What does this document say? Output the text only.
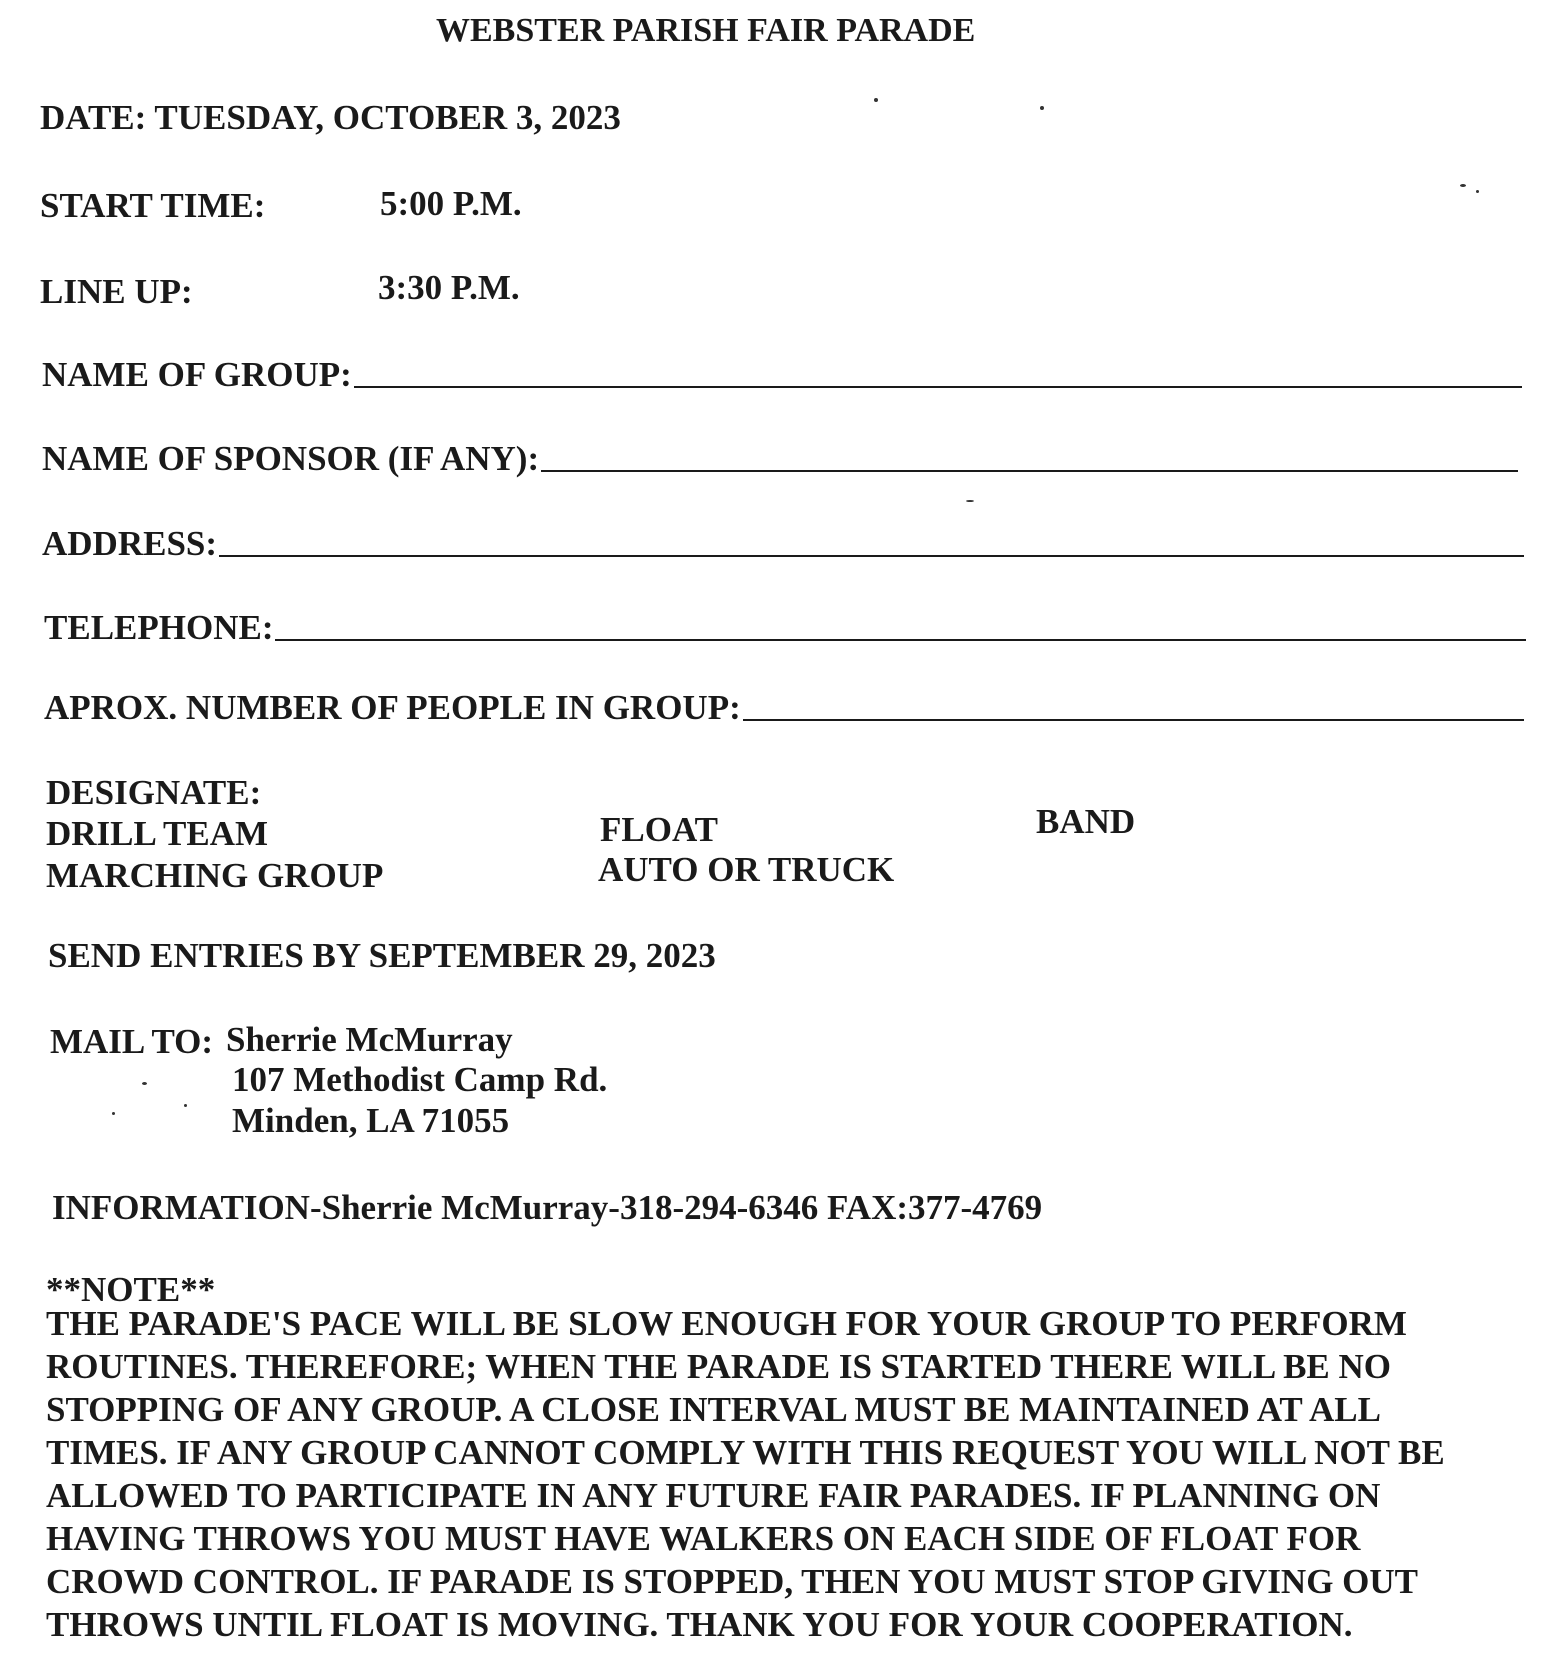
WEBSTER PARISH FAIR PARADE
DATE: TUESDAY, OCTOBER 3, 2023
START TIME:	5:00 P.M.
LINE UP:	3:30 P.M.
NAME OF GROUP:
NAME OF SPONSOR (IF ANY):
ADDRESS:
TELEPHONE:
APROX. NUMBER OF PEOPLE IN GROUP:
DESIGNATE:
DRILL TEAM
MARCHING GROUP
FLOAT
AUTO OR TRUCK
BAND
SEND ENTRIES BY SEPTEMBER 29, 2023
MAIL TO: Sherrie McMurray
107 Methodist Camp Rd.
Minden, LA 71055
INFORMATION-Sherrie McMurray-318-294-6346 FAX:377-4769
**NOTE**
THE PARADE'S PACE WILL BE SLOW ENOUGH FOR YOUR GROUP TO PERFORM
ROUTINES. THEREFORE; WHEN THE PARADE IS STARTED THERE WILL BE NO
STOPPING OF ANY GROUP. A CLOSE INTERVAL MUST BE MAINTAINED AT ALL
TIMES. IF ANY GROUP CANNOT COMPLY WITH THIS REQUEST YOU WILL NOT BE
ALLOWED TO PARTICIPATE IN ANY FUTURE FAIR PARADES. IF PLANNING ON
HAVING THROWS YOU MUST HAVE WALKERS ON EACH SIDE OF FLOAT FOR
CROWD CONTROL. IF PARADE IS STOPPED, THEN YOU MUST STOP GIVING OUT
THROWS UNTIL FLOAT IS MOVING. THANK YOU FOR YOUR COOPERATION.
